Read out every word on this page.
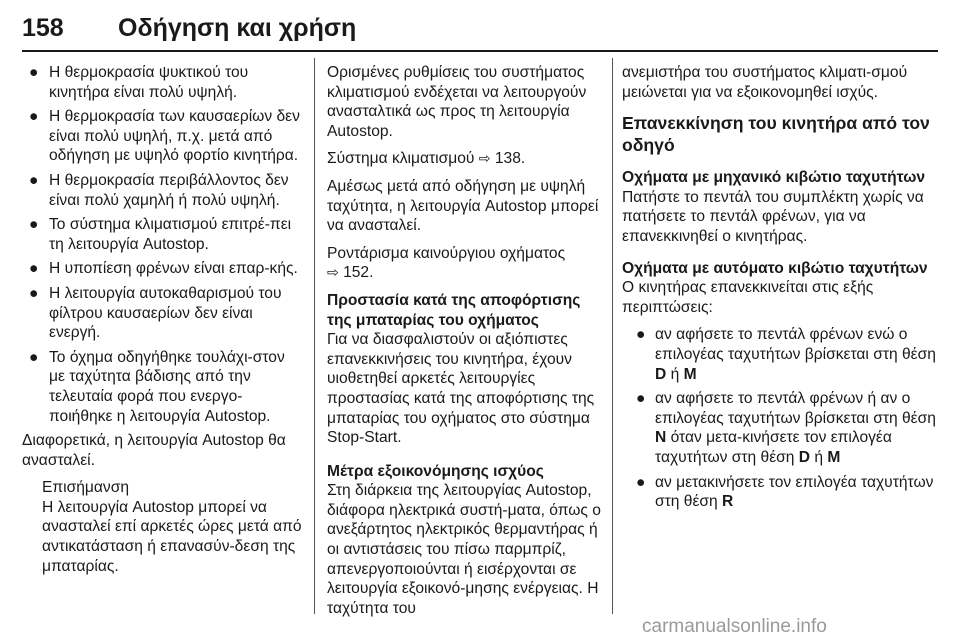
158 Οδήγηση και χρήση
● Η θερμοκρασία ψυκτικού του κινητήρα είναι πολύ υψηλή.
● Η θερμοκρασία των καυσαερίων δεν είναι πολύ υψηλή, π.χ. μετά από οδήγηση με υψηλό φορτίο κινητήρα.
● Η θερμοκρασία περιβάλλοντος δεν είναι πολύ χαμηλή ή πολύ υψηλή.
● Το σύστημα κλιματισμού επιτρέ-πει τη λειτουργία Autostop.
● Η υποπίεση φρένων είναι επαρ-κής.
● Η λειτουργία αυτοκαθαρισμού του φίλτρου καυσαερίων δεν είναι ενεργή.
● Το όχημα οδηγήθηκε τουλάχι-στον με ταχύτητα βάδισης από την τελευταία φορά που ενεργο-ποιήθηκε η λειτουργία Autostop.

Διαφορετικά, η λειτουργία Autostop θα ανασταλεί.

Επισήμανση
Η λειτουργία Autostop μπορεί να ανασταλεί επί αρκετές ώρες μετά από αντικατάσταση ή επανασύν-δεση της μπαταρίας.

Ορισμένες ρυθμίσεις του συστήματος κλιματισμού ενδέχεται να λειτουργούν ανασταλτικά ως προς τη λειτουργία Autostop.

Σύστημα κλιματισμού ⇨ 138.

Αμέσως μετά από οδήγηση με υψηλή ταχύτητα, η λειτουργία Autostop μπορεί να ανασταλεί.

Ροντάρισμα καινούργιου οχήματος
⇨ 152.

Προστασία κατά της αποφόρτισης της μπαταρίας του οχήματος

Για να διασφαλιστούν οι αξιόπιστες επανεκκινήσεις του κινητήρα, έχουν υιοθετηθεί αρκετές λειτουργίες προστασίας κατά της αποφόρτισης της μπαταρίας του οχήματος στο σύστημα Stop-Start.

Μέτρα εξοικονόμησης ισχύος

Στη διάρκεια της λειτουργίας Autostop, διάφορα ηλεκτρικά συστή-ματα, όπως ο ανεξάρτητος ηλεκτρικός θερμαντήρας ή οι αντιστάσεις του πίσω παρμπρίζ, απενεργοποιούνται ή εισέρχονται σε λειτουργία εξοικονό-μησης ενέργειας. Η ταχύτητα του

ανεμιστήρα του συστήματος κλιματι-σμού μειώνεται για να εξοικονομηθεί ισχύς.

Επανεκκίνηση του κινητήρα από τον οδηγό
Οχήματα με μηχανικό κιβώτιο ταχυτήτων

Πατήστε το πεντάλ του συμπλέκτη χωρίς να πατήσετε το πεντάλ φρένων, για να επανεκκινηθεί ο κινητήρας.

Οχήματα με αυτόματο κιβώτιο ταχυτήτων

Ο κινητήρας επανεκκινείται στις εξής περιπτώσεις:

● αν αφήσετε το πεντάλ φρένων ενώ ο επιλογέας ταχυτήτων βρίσκεται στη θέση D ή M
● αν αφήσετε το πεντάλ φρένων ή αν ο επιλογέας ταχυτήτων βρίσκεται στη θέση N όταν μετα-κινήσετε τον επιλογέα ταχυτήτων στη θέση D ή M
● αν μετακινήσετε τον επιλογέα ταχυτήτων στη θέση R
carmanualsonline.info
